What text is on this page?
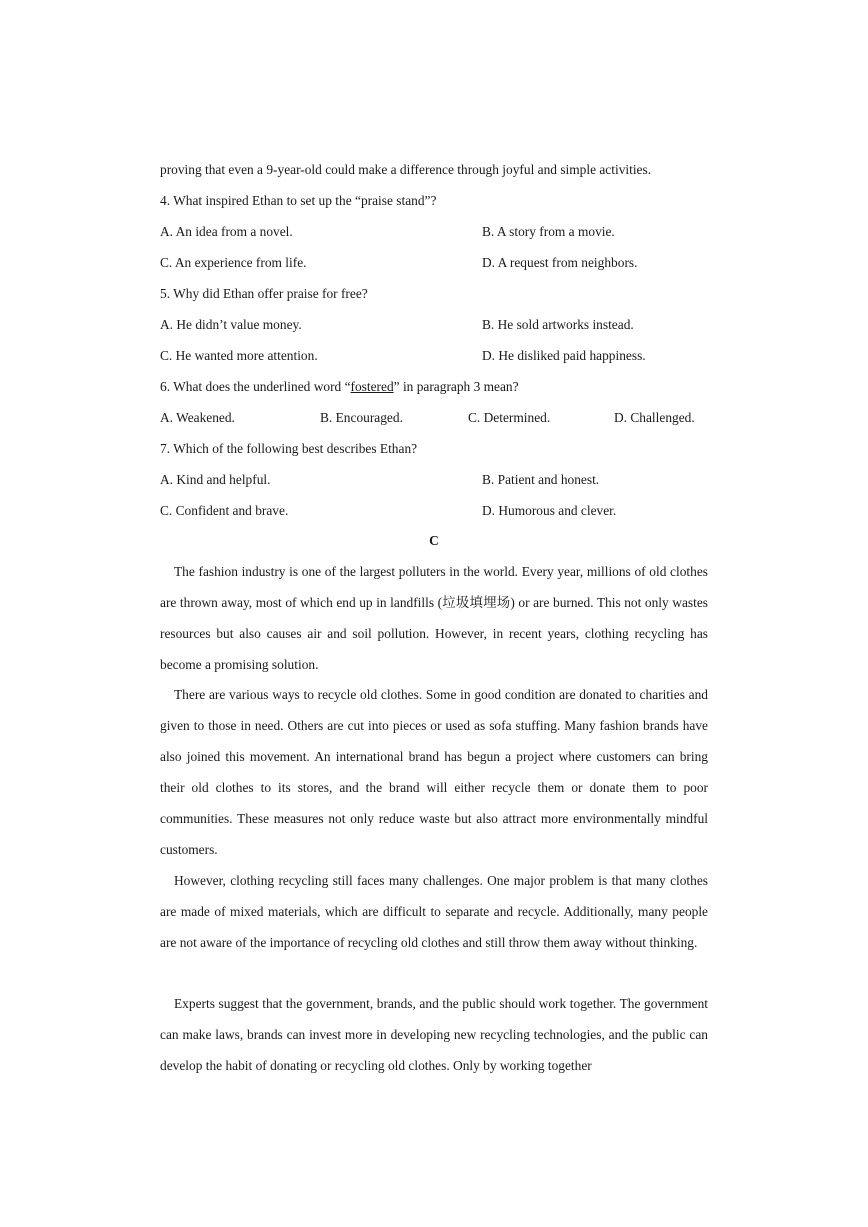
proving that even a 9-year-old could make a difference through joyful and simple activities.
4. What inspired Ethan to set up the “praise stand”?
A. An idea from a novel.	B. A story from a movie.
C. An experience from life.	D. A request from neighbors.
5. Why did Ethan offer praise for free?
A. He didn’t value money.	B. He sold artworks instead.
C. He wanted more attention.	D. He disliked paid happiness.
6. What does the underlined word “fostered” in paragraph 3 mean?
A. Weakened.	B. Encouraged.	C. Determined.	D. Challenged.
7. Which of the following best describes Ethan?
A. Kind and helpful.	B. Patient and honest.
C. Confident and brave.	D. Humorous and clever.
C

The fashion industry is one of the largest polluters in the world. Every year, millions of old clothes are thrown away, most of which end up in landfills (垃圾填埋场) or are burned. This not only wastes resources but also causes air and soil pollution. However, in recent years, clothing recycling has become a promising solution.

There are various ways to recycle old clothes. Some in good condition are donated to charities and given to those in need. Others are cut into pieces or used as sofa stuffing. Many fashion brands have also joined this movement. An international brand has begun a project where customers can bring their old clothes to its stores, and the brand will either recycle them or donate them to poor communities. These measures not only reduce waste but also attract more environmentally mindful customers.

However, clothing recycling still faces many challenges. One major problem is that many clothes are made of mixed materials, which are difficult to separate and recycle. Additionally, many people are not aware of the importance of recycling old clothes and still throw them away without thinking.

Experts suggest that the government, brands, and the public should work together. The government can make laws, brands can invest more in developing new recycling technologies, and the public can develop the habit of donating or recycling old clothes. Only by working together
